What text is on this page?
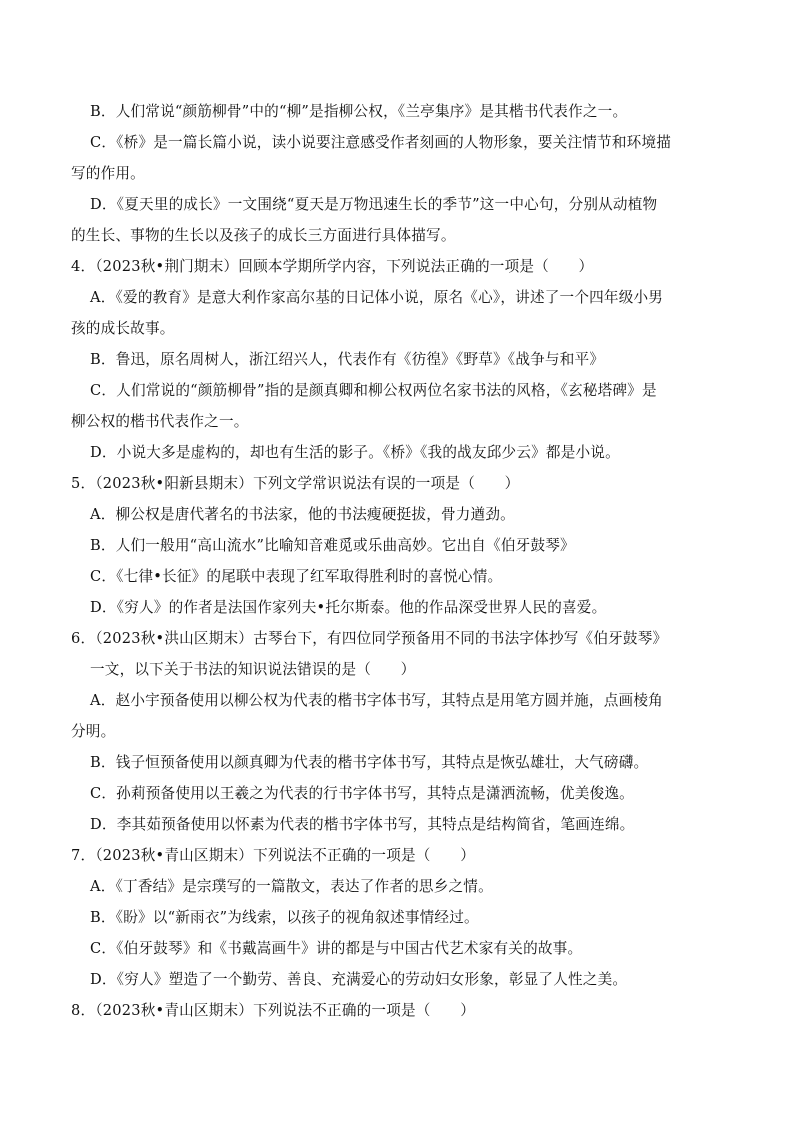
B．人们常说“颜筋柳骨”中的“柳”是指柳公权，《兰亭集序》是其楷书代表作之一。
C．《桥》是一篇长篇小说，读小说要注意感受作者刻画的人物形象，要关注情节和环境描
写的作用。
D．《夏天里的成长》一文围绕“夏天是万物迅速生长的季节”这一中心句，分别从动植物
的生长、事物的生长以及孩子的成长三方面进行具体描写。
4．（2023秋•荆门期末）回顾本学期所学内容，下列说法正确的一项是（　　）
A．《爱的教育》是意大利作家高尔基的日记体小说，原名《心》，讲述了一个四年级小男
孩的成长故事。
B．鲁迅，原名周树人，浙江绍兴人，代表作有《彷徨》《野草》《战争与和平》
C．人们常说的“颜筋柳骨”指的是颜真卿和柳公权两位名家书法的风格，《玄秘塔碑》是
柳公权的楷书代表作之一。
D．小说大多是虚构的，却也有生活的影子。《桥》《我的战友邱少云》都是小说。
5．（2023秋•阳新县期末）下列文学常识说法有误的一项是（　　）
A．柳公权是唐代著名的书法家，他的书法瘦硬挺拔，骨力遒劲。
B．人们一般用“高山流水”比喻知音难觅或乐曲高妙。它出自《伯牙鼓琴》
C．《七律•长征》的尾联中表现了红军取得胜利时的喜悦心情。
D．《穷人》的作者是法国作家列夫•托尔斯泰。他的作品深受世界人民的喜爱。
6．（2023秋•洪山区期末）古琴台下，有四位同学预备用不同的书法字体抄写《伯牙鼓琴》
一文，以下关于书法的知识说法错误的是（　　）
A．赵小宇预备使用以柳公权为代表的楷书字体书写，其特点是用笔方圆并施，点画棱角
分明。
B．钱子恒预备使用以颜真卿为代表的楷书字体书写，其特点是恢弘雄壮，大气磅礴。
C．孙莉预备使用以王羲之为代表的行书字体书写，其特点是潇洒流畅，优美俊逸。
D．李其茹预备使用以怀素为代表的楷书字体书写，其特点是结构简省，笔画连绵。
7．（2023秋•青山区期末）下列说法不正确的一项是（　　）
A．《丁香结》是宗璞写的一篇散文，表达了作者的思乡之情。
B．《盼》以“新雨衣”为线索，以孩子的视角叙述事情经过。
C．《伯牙鼓琴》和《书戴嵩画牛》讲的都是与中国古代艺术家有关的故事。
D．《穷人》塑造了一个勤劳、善良、充满爱心的劳动妇女形象，彰显了人性之美。
8．（2023秋•青山区期末）下列说法不正确的一项是（　　）
